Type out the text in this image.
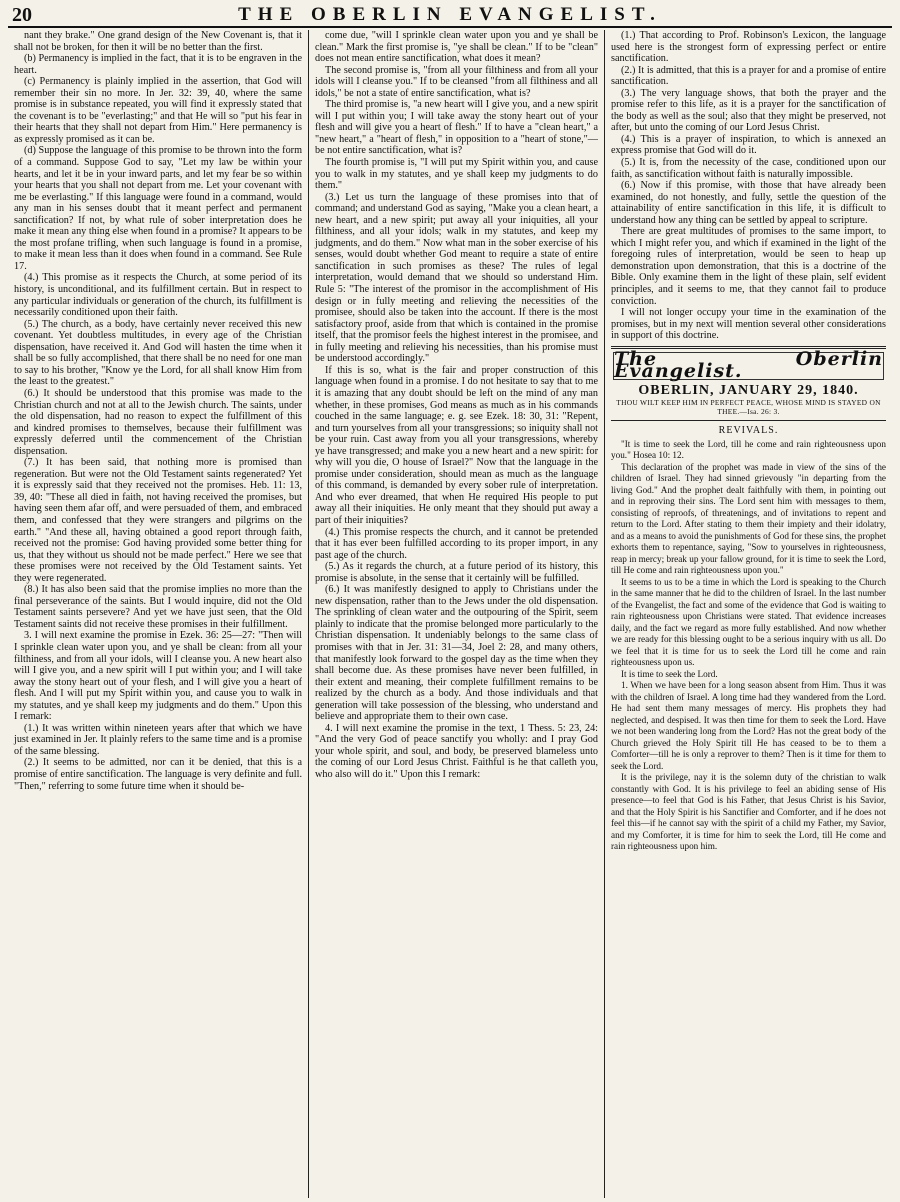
20	THE OBERLIN EVANGELIST.

nant they brake." One grand design of the New Covenant is, that it shall not be broken, for then it will be no better than the first.

(b) Permanency is implied in the fact, that it is to be engraven in the heart.

(c) Permanency is plainly implied in the assertion, that God will remember their sin no more. In Jer. 32: 39, 40, where the same promise is in substance repeated, you will find it expressly stated that the covenant is to be "everlasting;" and that He will so "put his fear in their hearts that they shall not depart from Him." Here permanency is as expressly promised as it can be.

(d) Suppose the language of this promise to be thrown into the form of a command. Suppose God to say, "Let my law be within your hearts, and let it be in your inward parts, and let my fear be so within your hearts that you shall not depart from me. Let your covenant with me be everlasting." If this language were found in a command, would any man in his senses doubt that it meant perfect and permanent sanctification? If not, by what rule of sober interpretation does he make it mean any thing else when found in a promise? It appears to be the most profane trifling, when such language is found in a promise, to make it mean less than it does when found in a command. See Rule 17.

(4.) This promise as it respects the Church, at some period of its history, is unconditional, and its fulfillment certain. But in respect to any particular individuals or generation of the church, its fulfillment is necessarily conditioned upon their faith.

(5.) The church, as a body, have certainly never received this new covenant. Yet doubtless multitudes, in every age of the Christian dispensation, have received it. And God will hasten the time when it shall be so fully accomplished, that there shall be no need for one man to say to his brother, "Know ye the Lord, for all shall know Him from the least to the greatest."

(6.) It should be understood that this promise was made to the Christian church and not at all to the Jewish church. The saints, under the old dispensation, had no reason to expect the fulfillment of this and kindred promises to themselves, because their fulfillment was expressly deferred until the commencement of the Christian dispensation.

(7.) It has been said, that nothing more is promised than regeneration. But were not the Old Testament saints regenerated? Yet it is expressly said that they received not the promises. Heb. 11: 13, 39, 40: "These all died in faith, not having received the promises, but having seen them afar off, and were persuaded of them, and embraced them, and confessed that they were strangers and pilgrims on the earth." "And these all, having obtained a good report through faith, received not the promise: God having provided some better thing for us, that they without us should not be made perfect." Here we see that these promises were not received by the Old Testament saints. Yet they were regenerated.

(8.) It has also been said that the promise implies no more than the final perseverance of the saints. But I would inquire, did not the Old Testament saints persevere? And yet we have just seen, that the Old Testament saints did not receive these promises in their fulfillment.

3. I will next examine the promise in Ezek. 36: 25—27: "Then will I sprinkle clean water upon you, and ye shall be clean: from all your filthiness, and from all your idols, will I cleanse you. A new heart also will I give you, and a new spirit will I put within you; and I will take away the stony heart out of your flesh, and I will give you a heart of flesh. And I will put my Spirit within you, and cause you to walk in my statutes, and ye shall keep my judgments and do them." Upon this I remark:

(1.) It was written within nineteen years after that which we have just examined in Jer. It plainly refers to the same time and is a promise of the same blessing.

(2.) It seems to be admitted, nor can it be denied, that this is a promise of entire sanctification. The language is very definite and full. "Then," referring to some future time when it should be-

come due, "will I sprinkle clean water upon you and ye shall be clean." Mark the first promise is, "ye shall be clean." If to be "clean" does not mean entire sanctification, what does it mean?

The second promise is, "from all your filthiness and from all your idols will I cleanse you." If to be cleansed "from all filthiness and all idols," be not a state of entire sanctification, what is?

The third promise is, "a new heart will I give you, and a new spirit will I put within you; I will take away the stony heart out of your flesh and will give you a heart of flesh." If to have a "clean heart," a "new heart," a "heart of flesh," in opposition to a "heart of stone,"—be not entire sanctification, what is?

The fourth promise is, "I will put my Spirit within you, and cause you to walk in my statutes, and ye shall keep my judgments to do them."

(3.) Let us turn the language of these promises into that of command; and understand God as saying, "Make you a clean heart, a new heart, and a new spirit; put away all your iniquities, all your filthiness, and all your idols; walk in my statutes, and keep my judgments, and do them." Now what man in the sober exercise of his senses, would doubt whether God meant to require a state of entire sanctification in such promises as these? The rules of legal interpretation, would demand that we should so understand Him. Rule 5: "The interest of the promisor in the accomplishment of His design or in fully meeting and relieving the necessities of the promisee, should also be taken into the account. If there is the most satisfactory proof, aside from that which is contained in the promise itself, that the promisor feels the highest interest in the promisee, and in fully meeting and relieving his necessities, than his promise must be understood accordingly."

If this is so, what is the fair and proper construction of this language when found in a promise. I do not hesitate to say that to me it is amazing that any doubt should be left on the mind of any man whether, in these promises, God means as much as in his commands couched in the same language; e. g. see Ezek. 18: 30, 31: "Repent, and turn yourselves from all your transgressions; so iniquity shall not be your ruin. Cast away from you all your transgressions, whereby ye have transgressed; and make you a new heart and a new spirit: for why will you die, O house of Israel?" Now that the language in the promise under consideration, should mean as much as the language of this command, is demanded by every sober rule of interpretation. And who ever dreamed, that when He required His people to put away all their iniquities. He only meant that they should put away a part of their iniquities?

(4.) This promise respects the church, and it cannot be pretended that it has ever been fulfilled according to its proper import, in any past age of the church.

(5.) As it regards the church, at a future period of its history, this promise is absolute, in the sense that it certainly will be fulfilled.

(6.) It was manifestly designed to apply to Christians under the new dispensation, rather than to the Jews under the old dispensation. The sprinkling of clean water and the outpouring of the Spirit, seem plainly to indicate that the promise belonged more particularly to the Christian dispensation. It undeniably belongs to the same class of promises with that in Jer. 31: 31—34, Joel 2: 28, and many others, that manifestly look forward to the gospel day as the time when they shall become due. As these promises have never been fulfilled, in their extent and meaning, their complete fulfillment remains to be realized by the church as a body. And those individuals and that generation will take possession of the blessing, who understand and believe and appropriate them to their own case.

4. I will next examine the promise in the text, 1 Thess. 5: 23, 24: "And the very God of peace sanctify you wholly: and I pray God your whole spirit, and soul, and body, be preserved blameless unto the coming of our Lord Jesus Christ. Faithful is he that calleth you, who also will do it." Upon this I remark:

(1.) That according to Prof. Robinson's Lexicon, the language used here is the strongest form of expressing perfect or entire sanctification.

(2.) It is admitted, that this is a prayer for and a promise of entire sanctification.

(3.) The very language shows, that both the prayer and the promise refer to this life, as it is a prayer for the sanctification of the body as well as the soul; also that they might be preserved, not after, but unto the coming of our Lord Jesus Christ.

(4.) This is a prayer of inspiration, to which is annexed an express promise that God will do it.

(5.) It is, from the necessity of the case, conditioned upon our faith, as sanctification without faith is naturally impossible.

(6.) Now if this promise, with those that have already been examined, do not honestly, and fully, settle the question of the attainability of entire sanctification in this life, it is difficult to understand how any thing can be settled by appeal to scripture.

There are great multitudes of promises to the same import, to which I might refer you, and which if examined in the light of the foregoing rules of interpretation, would be seen to heap up demonstration upon demonstration, that this is a doctrine of the Bible. Only examine them in the light of these plain, self evident principles, and it seems to me, that they cannot fail to produce conviction.

I will not longer occupy your time in the examination of the promises, but in my next will mention several other considerations in support of this doctrine.

The Oberlin Evangelist.
OBERLIN, JANUARY 29, 1840.
THOU WILT KEEP HIM IN PERFECT PEACE, WHOSE MIND IS STAYED ON THEE.—Isa. 26: 3.
REVIVALS.

"It is time to seek the Lord, till he come and rain righteousness upon you." Hosea 10: 12.

This declaration of the prophet was made in view of the sins of the children of Israel. They had sinned grievously "in departing from the living God." And the prophet dealt faithfully with them, in pointing out and in reproving their sins. The Lord sent him with messages to them, consisting of reproofs, of threatenings, and of invitations to repent and return to the Lord. After stating to them their impiety and their idolatry, and as a means to avoid the punishments of God for these sins, the prophet exhorts them to repentance, saying, "Sow to yourselves in righteousness, reap in mercy; break up your fallow ground, for it is time to seek the Lord, till He come and rain righteousness upon you."

It seems to us to be a time in which the Lord is speaking to the Church in the same manner that he did to the children of Israel. In the last number of the Evangelist, the fact and some of the evidence that God is waiting to rain righteousness upon Christians were stated. That evidence increases daily, and the fact we regard as more fully established. And now whether we are ready for this blessing ought to be a serious inquiry with us all. Do we feel that it is time for us to seek the Lord till he come and rain righteousness upon us.

It is time to seek the Lord.

1. When we have been for a long season absent from Him. Thus it was with the children of Israel. A long time had they wandered from the Lord. He had sent them many messages of mercy. His prophets they had neglected, and despised. It was then time for them to seek the Lord. Have we not been wandering long from the Lord? Has not the great body of the Church grieved the Holy Spirit till He has ceased to be to them a Comforter—till he is only a reprover to them? Then is it time for them to seek the Lord.

It is the privilege, nay it is the solemn duty of the christian to walk constantly with God. It is his privilege to feel an abiding sense of His presence—to feel that God is his Father, that Jesus Christ is his Savior, and that the Holy Spirit is his Sanctifier and Comforter, and if he does not feel this—if he cannot say with the spirit of a child my Father, my Savior, and my Comforter, it is time for him to seek the Lord, till He come and rain righteousness upon him.
